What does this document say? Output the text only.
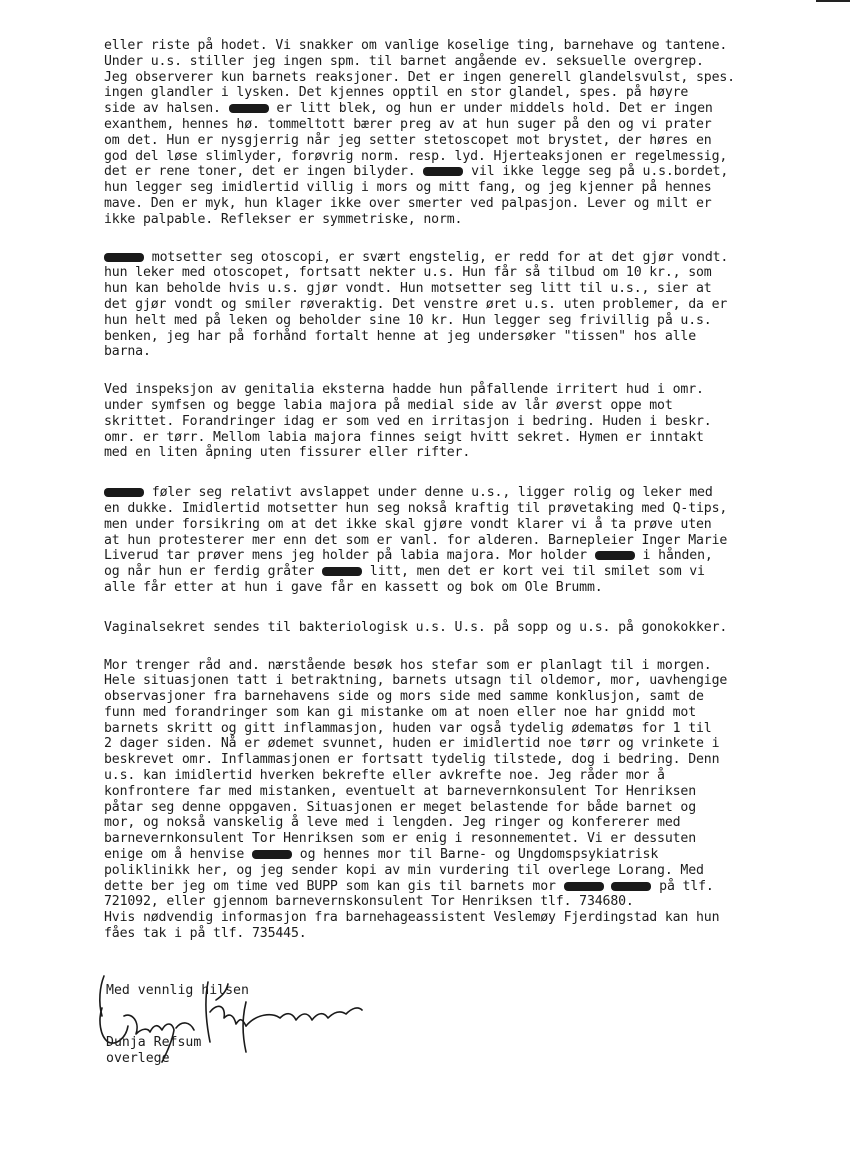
eller riste på hodet. Vi snakker om vanlige koselige ting, barnehave og tantene.
Under u.s. stiller jeg ingen spm. til barnet angående ev. seksuelle overgrep.
Jeg observerer kun barnets reaksjoner. Det er ingen generell glandelsvulst, spes.
ingen glandler i lysken. Det kjennes opptil en stor glandel, spes. på høyre
side av halsen.	er litt blek, og hun er under middels hold. Det er ingen
exanthem, hennes hø. tommeltott bærer preg av at hun suger på den og vi prater
om det. Hun er nysgjerrig når jeg setter stetoscopet mot brystet, der høres en
god del løse slimlyder, forøvrig norm. resp. lyd. Hjerteaksjonen er regelmessig,
det er rene toner, det er ingen bilyder.	vil ikke legge seg på u.s.bordet,
hun legger seg imidlertid villig i mors og mitt fang, og jeg kjenner på hennes
mave. Den er myk, hun klager ikke over smerter ved palpasjon. Lever og milt er
ikke palpable. Reflekser er symmetriske, norm.
motsetter seg otoscopi, er svært engstelig, er redd for at det gjør vondt.
hun leker med otoscopet, fortsatt nekter u.s. Hun får så tilbud om 10 kr., som
hun kan beholde hvis u.s. gjør vondt. Hun motsetter seg litt til u.s., sier at
det gjør vondt og smiler røveraktig. Det venstre øret u.s. uten problemer, da er
hun helt med på leken og beholder sine 10 kr. Hun legger seg frivillig på u.s.
benken, jeg har på forhånd fortalt henne at jeg undersøker "tissen" hos alle
barna.
Ved inspeksjon av genitalia eksterna hadde hun påfallende irritert hud i omr.
under symfsen og begge labia majora på medial side av lår øverst oppe mot
skrittet. Forandringer idag er som ved en irritasjon i bedring. Huden i beskr.
omr. er tørr. Mellom labia majora finnes seigt hvitt sekret. Hymen er inntakt
med en liten åpning uten fissurer eller rifter.
føler seg relativt avslappet under denne u.s., ligger rolig og leker med
en dukke. Imidlertid motsetter hun seg nokså kraftig til prøvetaking med Q-tips,
men under forsikring om at det ikke skal gjøre vondt klarer vi å ta prøve uten
at hun protesterer mer enn det som er vanl. for alderen. Barnepleier Inger Marie
Liverud tar prøver mens jeg holder på labia majora. Mor holder	i hånden,
og når hun er ferdig gråter	litt, men det er kort vei til smilet som vi
alle får etter at hun i gave får en kassett og bok om Ole Brumm.
Vaginalsekret sendes til bakteriologisk u.s. U.s. på sopp og u.s. på gonokokker.
Mor trenger råd and. nærstående besøk hos stefar som er planlagt til i morgen.
Hele situasjonen tatt i betraktning, barnets utsagn til oldemor, mor, uavhengige
observasjoner fra barnehavens side og mors side med samme konklusjon, samt de
funn med forandringer som kan gi mistanke om at noen eller noe har gnidd mot
barnets skritt og gitt inflammasjon, huden var også tydelig ødematøs for 1 til
2 dager siden. Nå er ødemet svunnet, huden er imidlertid noe tørr og vrinkete i
beskrevet omr. Inflammasjonen er fortsatt tydelig tilstede, dog i bedring. Denn
u.s. kan imidlertid hverken bekrefte eller avkrefte noe. Jeg råder mor å
konfrontere far med mistanken, eventuelt at barnevernkonsulent Tor Henriksen
påtar seg denne oppgaven. Situasjonen er meget belastende for både barnet og
mor, og nokså vanskelig å leve med i lengden. Jeg ringer og konfererer med
barnevernkonsulent Tor Henriksen som er enig i resonnementet. Vi er dessuten
enige om å henvise	og hennes mor til Barne- og Ungdomspsykiatrisk
poliklinikk her, og jeg sender kopi av min vurdering til overlege Lorang. Med
dette ber jeg om time ved BUPP som kan gis til barnets mor	på tlf.
721092, eller gjennom barnevernskonsulent Tor Henriksen tlf. 734680.
Hvis nødvendig informasjon fra barnehageassistent Veslemøy Fjerdingstad kan hun
fåes tak i på tlf. 735445.
Med vennlig hilsen
Dunja Refsum
overlege
